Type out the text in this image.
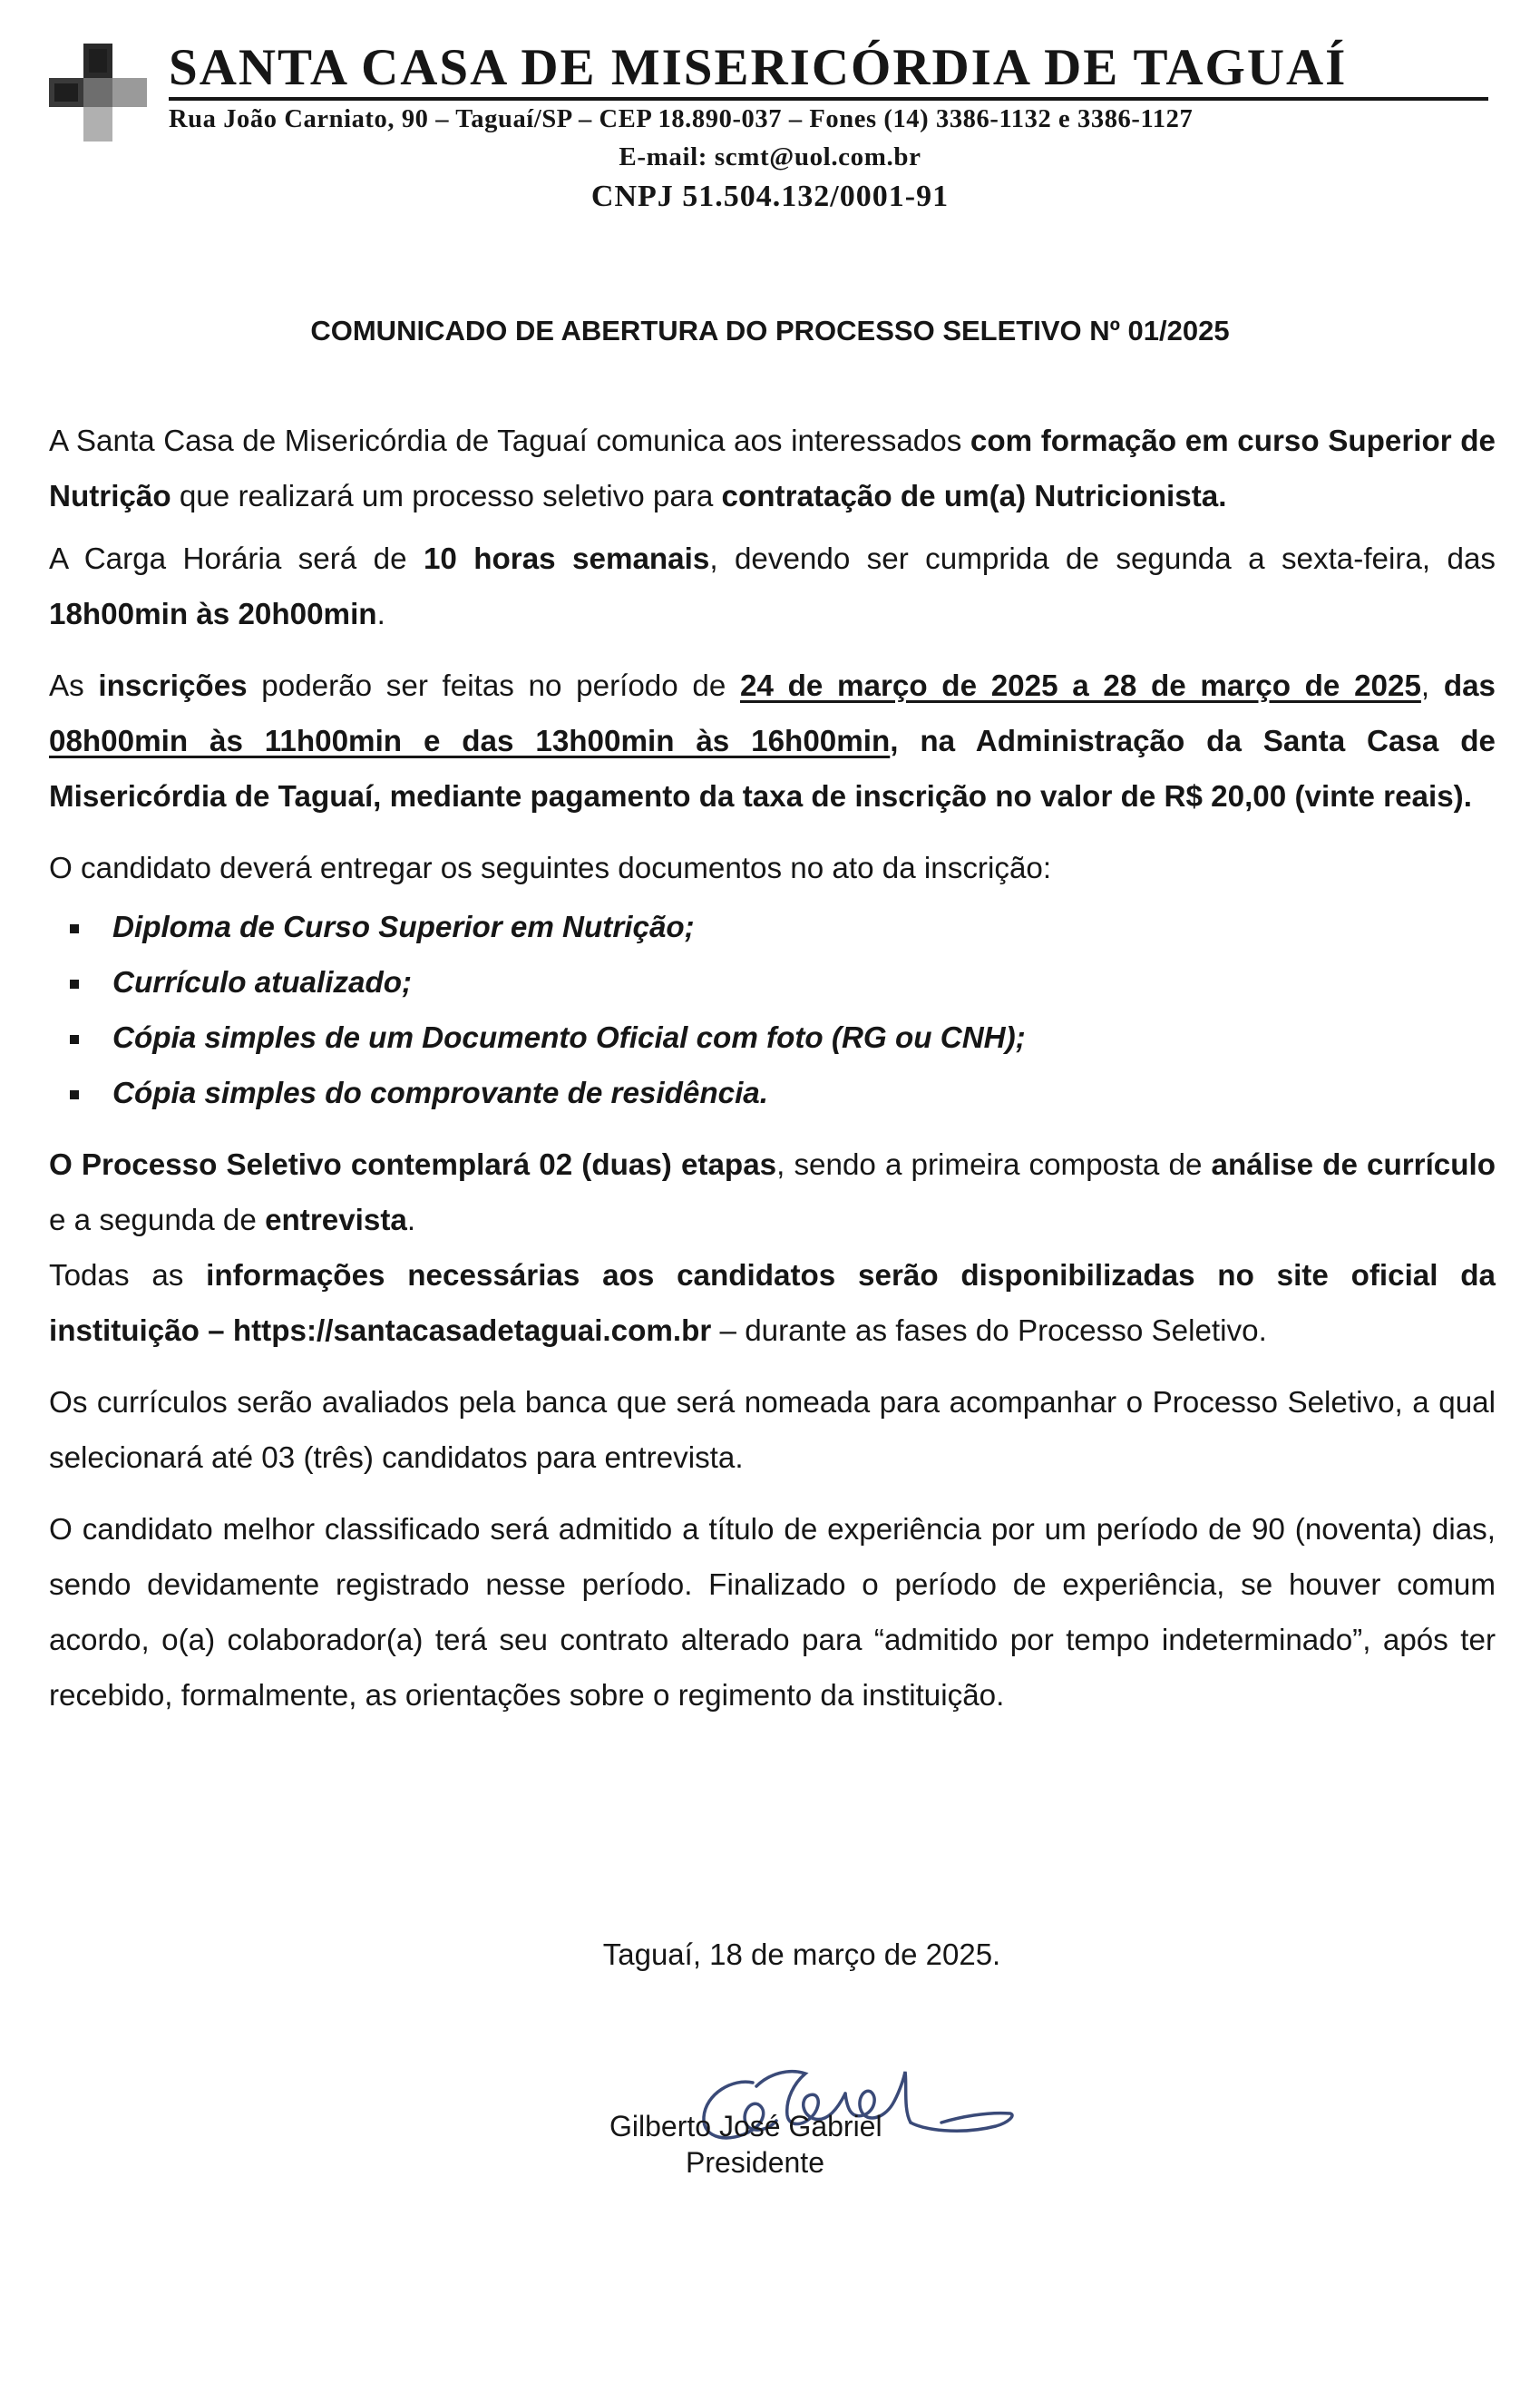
SANTA CASA DE MISERICÓRDIA DE TAGUAÍ
Rua João Carniato, 90 – Taguaí/SP – CEP 18.890-037 – Fones (14) 3386-1132 e 3386-1127
E-mail: scmt@uol.com.br
CNPJ 51.504.132/0001-91
COMUNICADO DE ABERTURA DO PROCESSO SELETIVO Nº 01/2025

A Santa Casa de Misericórdia de Taguaí comunica aos interessados com formação em curso Superior de Nutrição que realizará um processo seletivo para contratação de um(a) Nutricionista.

A Carga Horária será de 10 horas semanais, devendo ser cumprida de segunda a sexta-feira, das 18h00min às 20h00min.

As inscrições poderão ser feitas no período de 24 de março de 2025 a 28 de março de 2025, das 08h00min às 11h00min e das 13h00min às 16h00min, na Administração da Santa Casa de Misericórdia de Taguaí, mediante pagamento da taxa de inscrição no valor de R$ 20,00 (vinte reais).

O candidato deverá entregar os seguintes documentos no ato da inscrição:

Diploma de Curso Superior em Nutrição;
Currículo atualizado;
Cópia simples de um Documento Oficial com foto (RG ou CNH);
Cópia simples do comprovante de residência.

O Processo Seletivo contemplará 02 (duas) etapas, sendo a primeira composta de análise de currículo e a segunda de entrevista.

Todas as informações necessárias aos candidatos serão disponibilizadas no site oficial da instituição – https://santacasadetaguai.com.br – durante as fases do Processo Seletivo.

Os currículos serão avaliados pela banca que será nomeada para acompanhar o Processo Seletivo, a qual selecionará até 03 (três) candidatos para entrevista.

O candidato melhor classificado será admitido a título de experiência por um período de 90 (noventa) dias, sendo devidamente registrado nesse período. Finalizado o período de experiência, se houver comum acordo, o(a) colaborador(a) terá seu contrato alterado para “admitido por tempo indeterminado”, após ter recebido, formalmente, as orientações sobre o regimento da instituição.

Taguaí, 18 de março de 2025.
Gilberto José Gabriel
Presidente
